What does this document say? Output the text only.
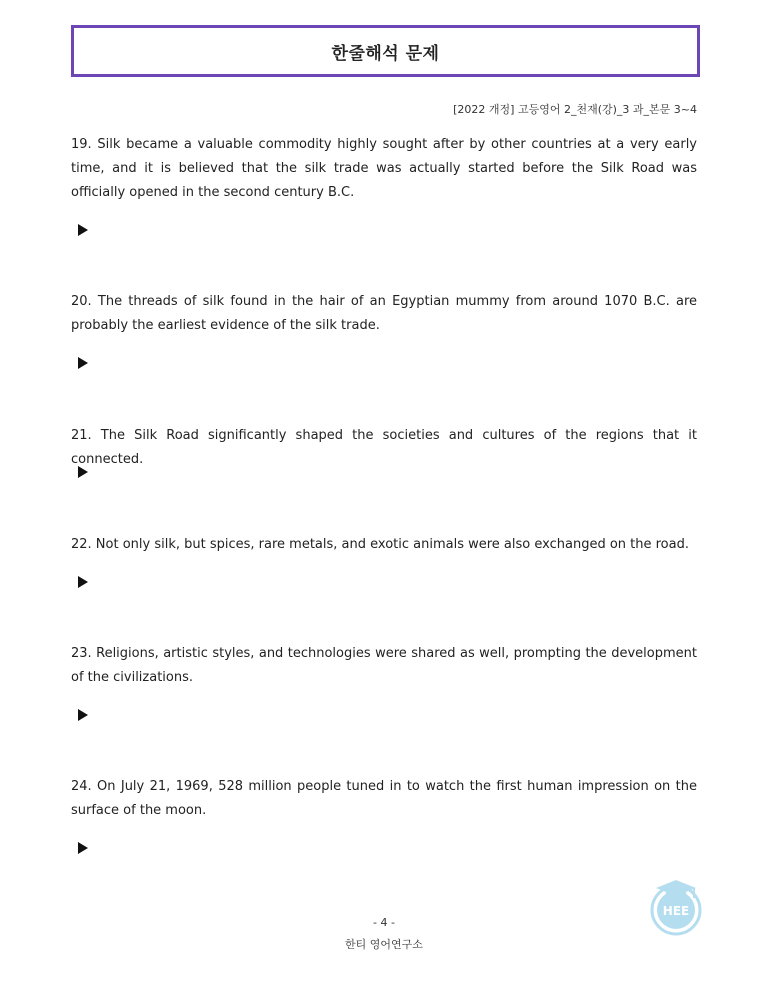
한줄해석 문제
[2022 개정] 고등영어 2_천재(강)_3 과_본문 3~4
19. Silk became a valuable commodity highly sought after by other countries at a very early time, and it is believed that the silk trade was actually started before the Silk Road was officially opened in the second century B.C.
20. The threads of silk found in the hair of an Egyptian mummy from around 1070 B.C. are probably the earliest evidence of the silk trade.
21. The Silk Road significantly shaped the societies and cultures of the regions that it connected.
22. Not only silk, but spices, rare metals, and exotic animals were also exchanged on the road.
23. Religions, artistic styles, and technologies were shared as well, prompting the development of the civilizations.
24. On July 21, 1969, 528 million people tuned in to watch the first human impression on the surface of the moon.
HEE
- 4 -
한티 영어연구소
